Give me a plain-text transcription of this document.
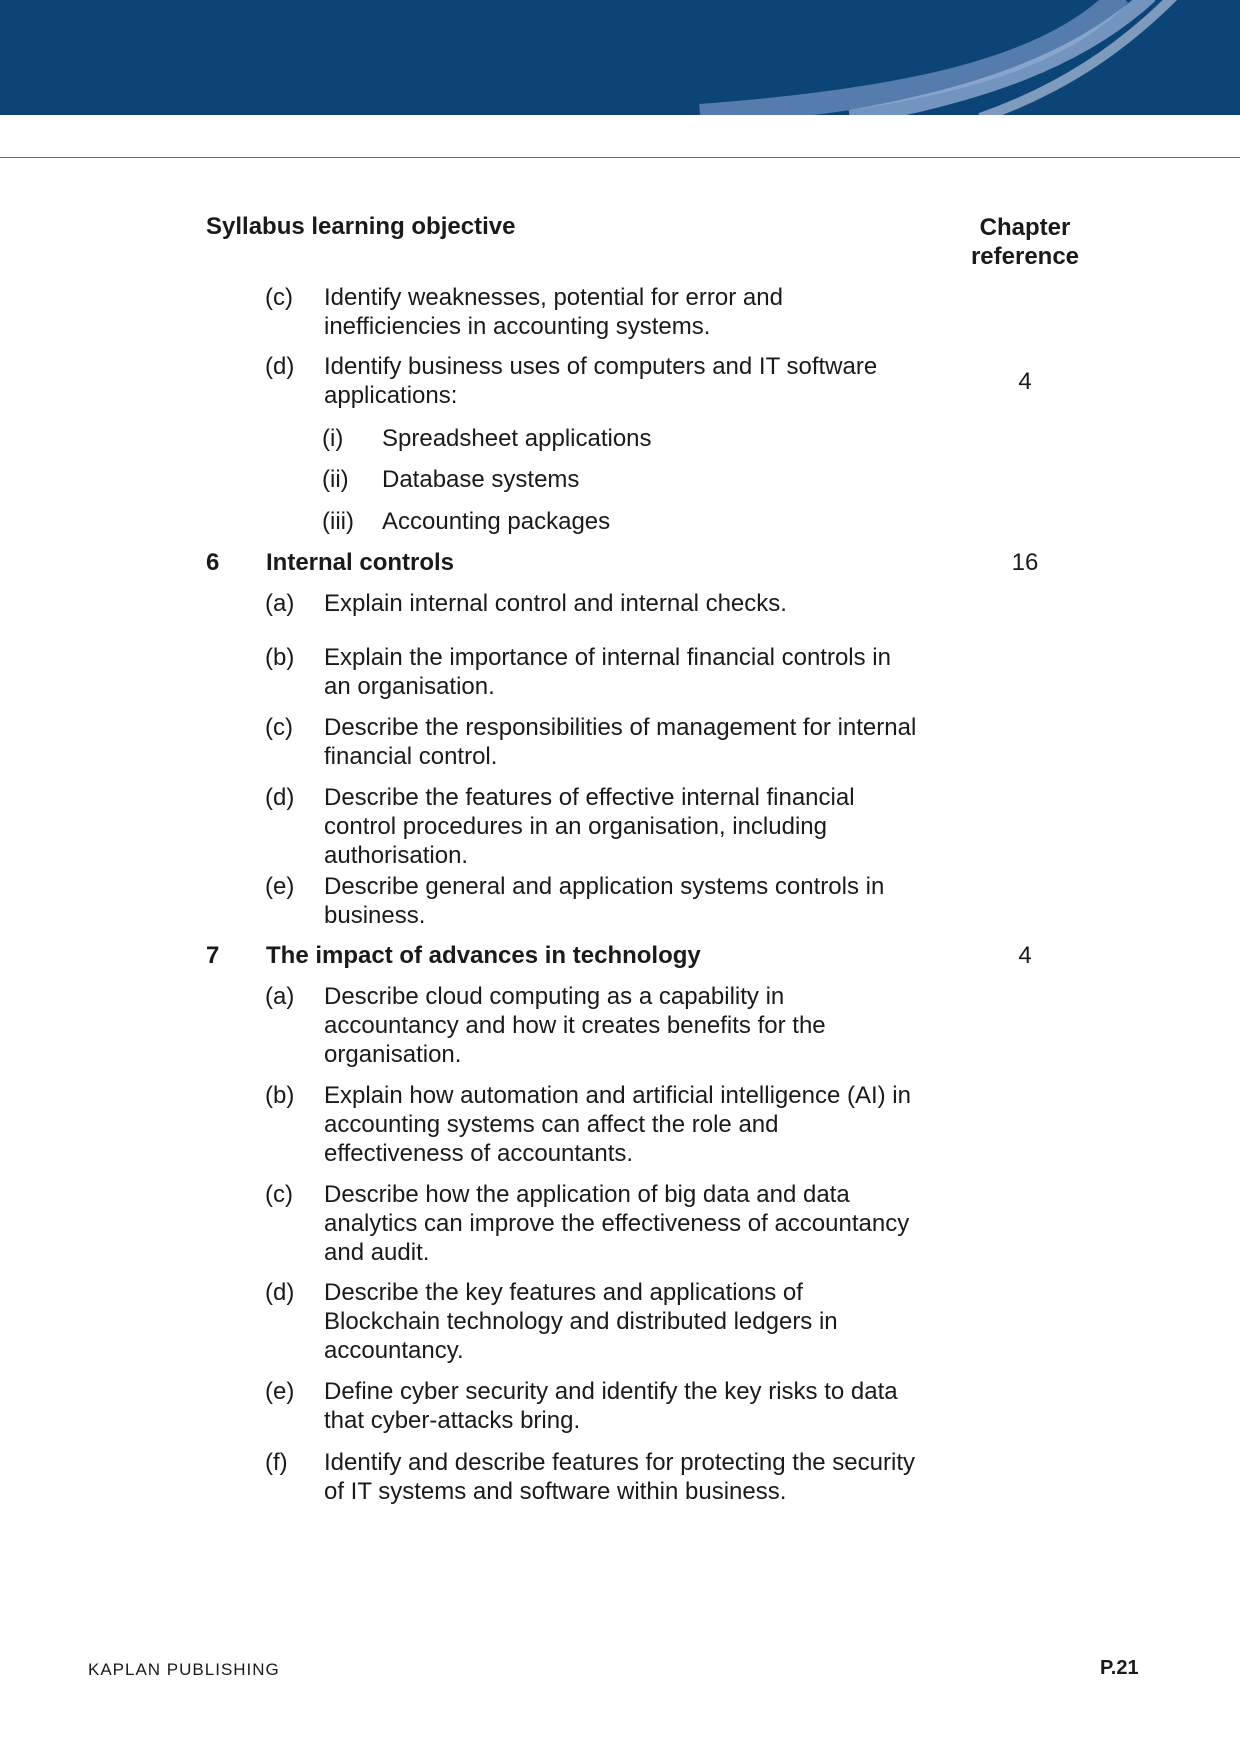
Syllabus learning objective	Chapter
reference
(c) Identify weaknesses, potential for error and
inefficiencies in accounting systems.
(d) Identify business uses of computers and IT software
applications:
4
(i) Spreadsheet applications
(ii) Database systems
(iii) Accounting packages
6 Internal controls	16
(a) Explain internal control and internal checks.
(b) Explain the importance of internal financial controls in
an organisation.
(c) Describe the responsibilities of management for internal
financial control.
(d) Describe the features of effective internal financial
control procedures in an organisation, including
authorisation.
(e) Describe general and application systems controls in
business.
7 The impact of advances in technology	4
(a) Describe cloud computing as a capability in
accountancy and how it creates benefits for the
organisation.
(b) Explain how automation and artificial intelligence (AI) in
accounting systems can affect the role and
effectiveness of accountants.
(c) Describe how the application of big data and data
analytics can improve the effectiveness of accountancy
and audit.
(d) Describe the key features and applications of
Blockchain technology and distributed ledgers in
accountancy.
(e) Define cyber security and identify the key risks to data
that cyber-attacks bring.
(f) Identify and describe features for protecting the security
of IT systems and software within business.
KAPLAN PUBLISHING	P.21
